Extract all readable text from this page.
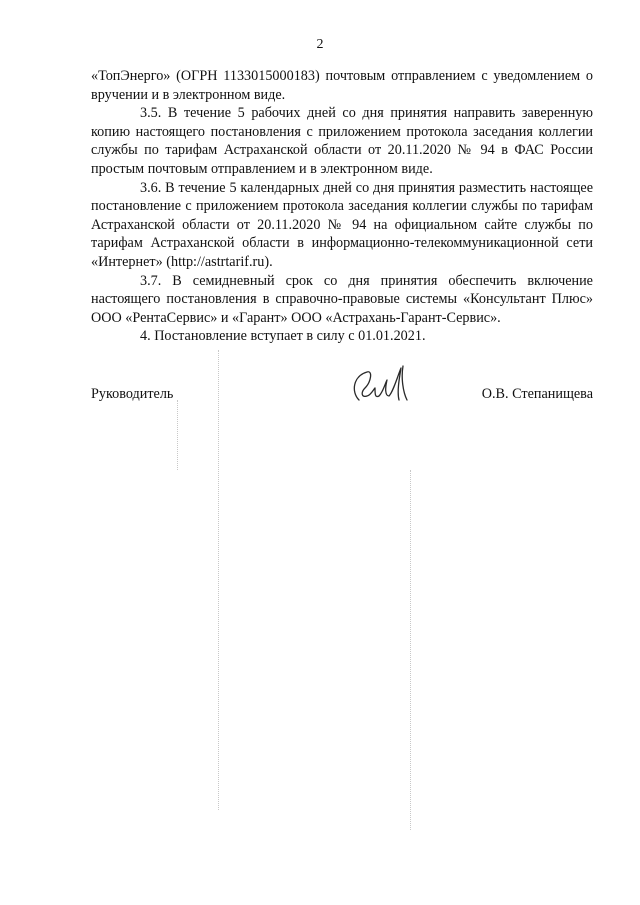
2

«ТопЭнерго» (ОГРН 1133015000183) почтовым отправлением с уведомлением о вручении и в электронном виде.

3.5. В течение 5 рабочих дней со дня принятия направить заверенную копию настоящего постановления с приложением протокола заседания коллегии службы по тарифам Астраханской области от 20.11.2020 № 94 в ФАС России простым почтовым отправлением и в электронном виде.

3.6. В течение 5 календарных дней со дня принятия разместить настоящее постановление с приложением протокола заседания коллегии службы по тарифам Астраханской области от 20.11.2020 № 94 на официальном сайте службы по тарифам Астраханской области в информационно-телекоммуникационной сети «Интернет» (http://astrtarif.ru).

3.7. В семидневный срок со дня принятия обеспечить включение настоящего постановления в справочно-правовые системы «Консультант Плюс» ООО «РентаСервис» и «Гарант» ООО «Астрахань-Гарант-Сервис».

4. Постановление вступает в силу с 01.01.2021.

Руководитель	О.В. Степанищева
